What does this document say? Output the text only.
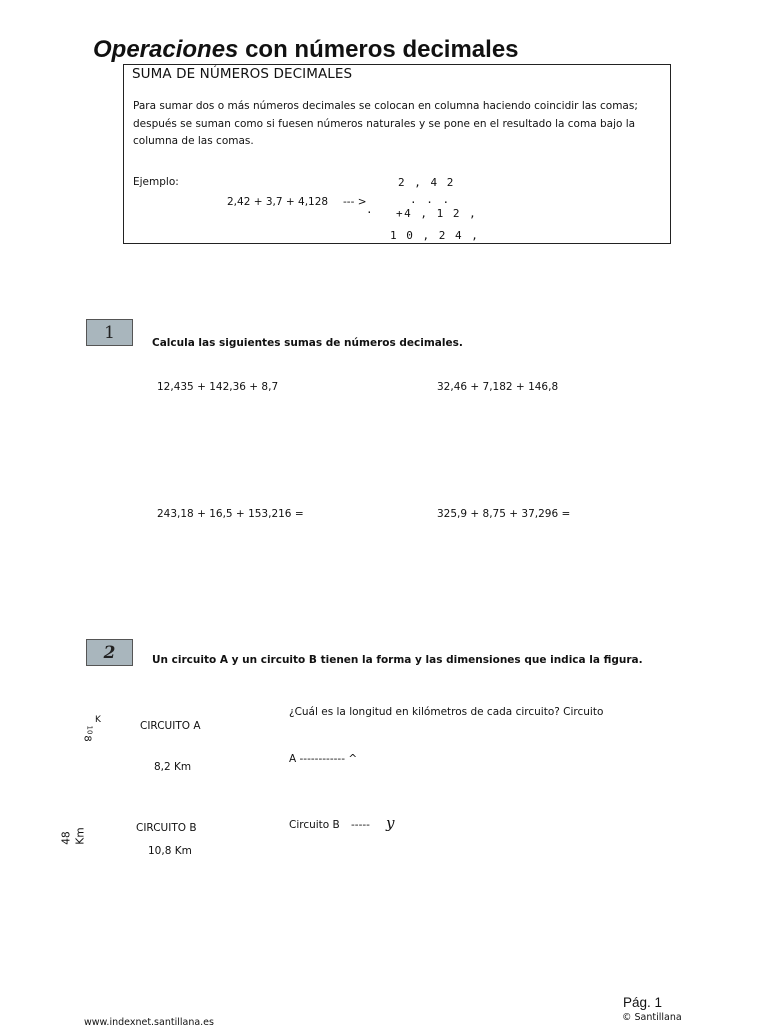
Operaciones con números decimales
SUMA DE NÚMEROS DECIMALES
Para sumar dos o más números decimales se colocan en columna haciendo coincidir las comas;
después se suman como si fuesen números naturales y se pone en el resultado la coma bajo la
columna de las comas.
Ejemplo:
2,42 + 3,7 + 4,128 --- >
2 , 4 2
. . .
. +4 , 1 2 ,
1 0 , 2 4 ,
1
Calcula las siguientes sumas de números decimales.
12,435 + 142,36 + 8,7	32,46 + 7,182 + 146,8
243,18 + 16,5 + 153,216 =	325,9 + 8,75 + 37,296 =
2	Un circuito A y un circuito B tienen la forma y las dimensiones que indica la figura.
¿Cuál es la longitud en kilómetros de cada circuito? Circuito
A ------------ ^
Circuito B ----- y
K
8
10	CIRCUITO A
8,2 Km
48 Km	CIRCUITO B
10,8 Km
Pág. 1
© Santillana
www.indexnet.santillana.es
